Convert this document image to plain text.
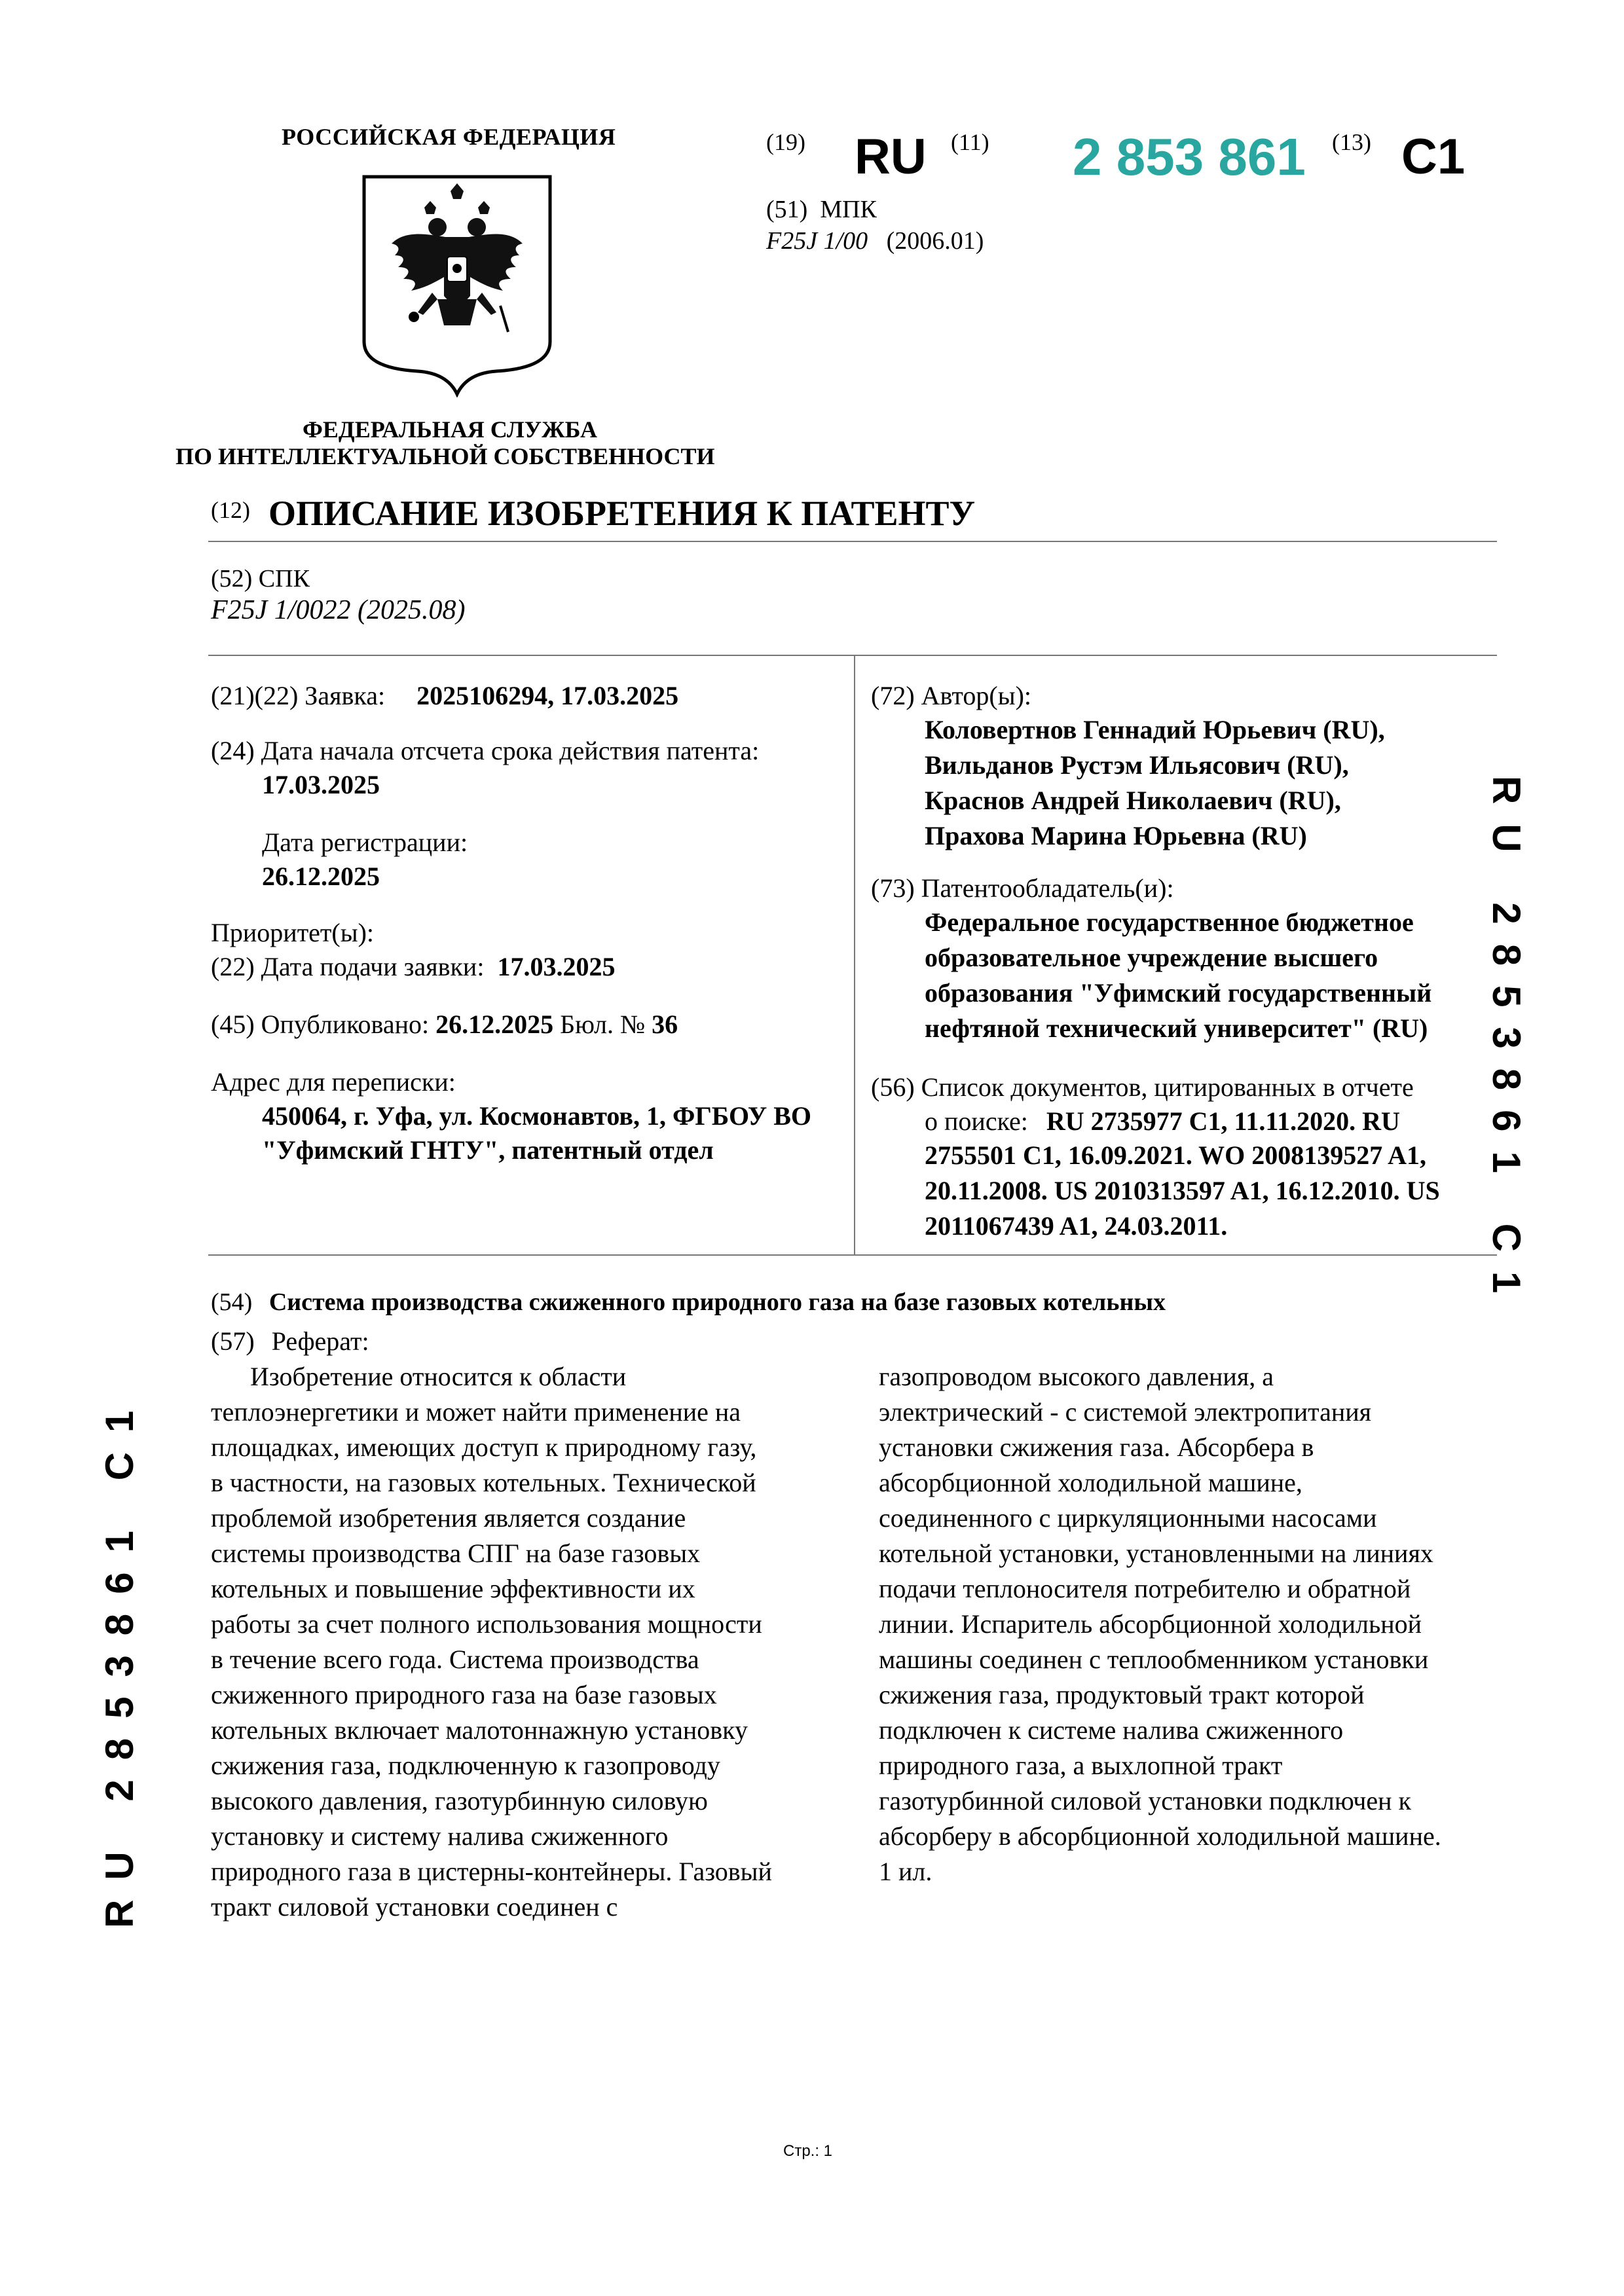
РОССИЙСКАЯ ФЕДЕРАЦИЯ
ФЕДЕРАЛЬНАЯ СЛУЖБА
ПО ИНТЕЛЛЕКТУАЛЬНОЙ СОБСТВЕННОСТИ
(19) RU (11) 2 853 861 (13) C1
(51) МПК
F25J 1/00 (2006.01)
(12) ОПИСАНИЕ ИЗОБРЕТЕНИЯ К ПАТЕНТУ
(52) СПК
F25J 1/0022 (2025.08)
(21)(22) Заявка: 2025106294, 17.03.2025
(24) Дата начала отсчета срока действия патента:
17.03.2025
Дата регистрации:
26.12.2025
Приоритет(ы):
(22) Дата подачи заявки: 17.03.2025
(45) Опубликовано: 26.12.2025 Бюл. № 36
Адрес для переписки:
450064, г. Уфа, ул. Космонавтов, 1, ФГБОУ ВО
"Уфимский ГНТУ", патентный отдел
(72) Автор(ы):
Коловертнов Геннадий Юрьевич (RU),
Вильданов Рустэм Ильясович (RU),
Краснов Андрей Николаевич (RU),
Прахова Марина Юрьевна (RU)
(73) Патентообладатель(и):
Федеральное государственное бюджетное
образовательное учреждение высшего
образования "Уфимский государственный
нефтяной технический университет" (RU)
(56) Список документов, цитированных в отчете
о поиске: RU 2735977 C1, 11.11.2020. RU
2755501 C1, 16.09.2021. WO 2008139527 A1,
20.11.2008. US 2010313597 A1, 16.12.2010. US
2011067439 A1, 24.03.2011.
(54) Система производства сжиженного природного газа на базе газовых котельных
(57) Реферат:
Изобретение относится к области
теплоэнергетики и может найти применение на
площадках, имеющих доступ к природному газу,
в частности, на газовых котельных. Технической
проблемой изобретения является создание
системы производства СПГ на базе газовых
котельных и повышение эффективности их
работы за счет полного использования мощности
в течение всего года. Система производства
сжиженного природного газа на базе газовых
котельных включает малотоннажную установку
сжижения газа, подключенную к газопроводу
высокого давления, газотурбинную силовую
установку и систему налива сжиженного
природного газа в цистерны-контейнеры. Газовый
тракт силовой установки соединен с
газопроводом высокого давления, а
электрический - с системой электропитания
установки сжижения газа. Абсорбера в
абсорбционной холодильной машине,
соединенного с циркуляционными насосами
котельной установки, установленными на линиях
подачи теплоносителя потребителю и обратной
линии. Испаритель абсорбционной холодильной
машины соединен с теплообменником установки
сжижения газа, продуктовый тракт которой
подключен к системе налива сжиженного
природного газа, а выхлопной тракт
газотурбинной силовой установки подключен к
абсорберу в абсорбционной холодильной машине.
1 ил.
RU 2853861 C1
RU 2853861 C1
Стр.: 1
